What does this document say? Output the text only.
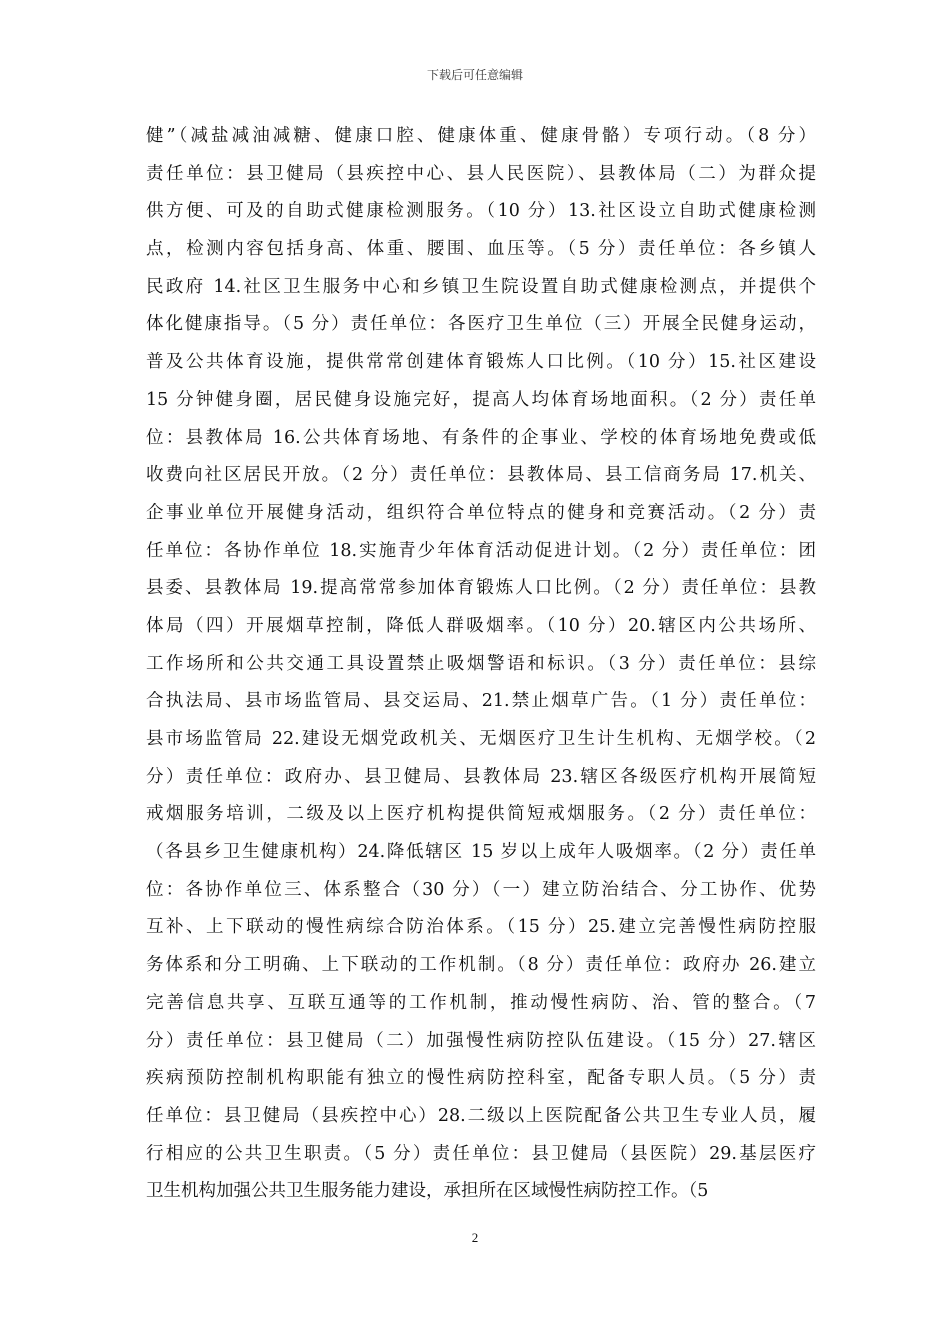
下载后可任意编辑
健”（减盐减油减糖、健康口腔、健康体重、健康骨骼）专项行动。（8 分）
责任单位：县卫健局（县疾控中心、县人民医院）、县教体局（二）为群众提
供方便、可及的自助式健康检测服务。（10 分）13.社区设立自助式健康检测
点，检测内容包括身高、体重、腰围、血压等。（5 分）责任单位：各乡镇人
民政府 14.社区卫生服务中心和乡镇卫生院设置自助式健康检测点，并提供个
体化健康指导。（5 分）责任单位：各医疗卫生单位（三）开展全民健身运动，
普及公共体育设施，提供常常创建体育锻炼人口比例。（10 分）15.社区建设
15 分钟健身圈，居民健身设施完好，提高人均体育场地面积。（2 分）责任单
位：县教体局 16.公共体育场地、有条件的企事业、学校的体育场地免费或低
收费向社区居民开放。（2 分）责任单位：县教体局、县工信商务局 17.机关、
企事业单位开展健身活动，组织符合单位特点的健身和竞赛活动。（2 分）责
任单位：各协作单位 18.实施青少年体育活动促进计划。（2 分）责任单位：团
县委、县教体局 19.提高常常参加体育锻炼人口比例。（2 分）责任单位：县教
体局（四）开展烟草控制，降低人群吸烟率。（10 分）20.辖区内公共场所、
工作场所和公共交通工具设置禁止吸烟警语和标识。（3 分）责任单位：县综
合执法局、县市场监管局、县交运局、21.禁止烟草广告。（1 分）责任单位：
县市场监管局 22.建设无烟党政机关、无烟医疗卫生计生机构、无烟学校。（2
分）责任单位：政府办、县卫健局、县教体局 23.辖区各级医疗机构开展简短
戒烟服务培训，二级及以上医疗机构提供简短戒烟服务。（2 分）责任单位：
（各县乡卫生健康机构）24.降低辖区 15 岁以上成年人吸烟率。（2 分）责任单
位：各协作单位三、体系整合（30 分）（一）建立防治结合、分工协作、优势
互补、上下联动的慢性病综合防治体系。（15 分）25.建立完善慢性病防控服
务体系和分工明确、上下联动的工作机制。（8 分）责任单位：政府办 26.建立
完善信息共享、互联互通等的工作机制，推动慢性病防、治、管的整合。（7
分）责任单位：县卫健局（二）加强慢性病防控队伍建设。（15 分）27.辖区
疾病预防控制机构职能有独立的慢性病防控科室，配备专职人员。（5 分）责
任单位：县卫健局（县疾控中心）28.二级以上医院配备公共卫生专业人员，履
行相应的公共卫生职责。（5 分）责任单位：县卫健局（县医院）29.基层医疗
卫生机构加强公共卫生服务能力建设，承担所在区域慢性病防控工作。（5
2
